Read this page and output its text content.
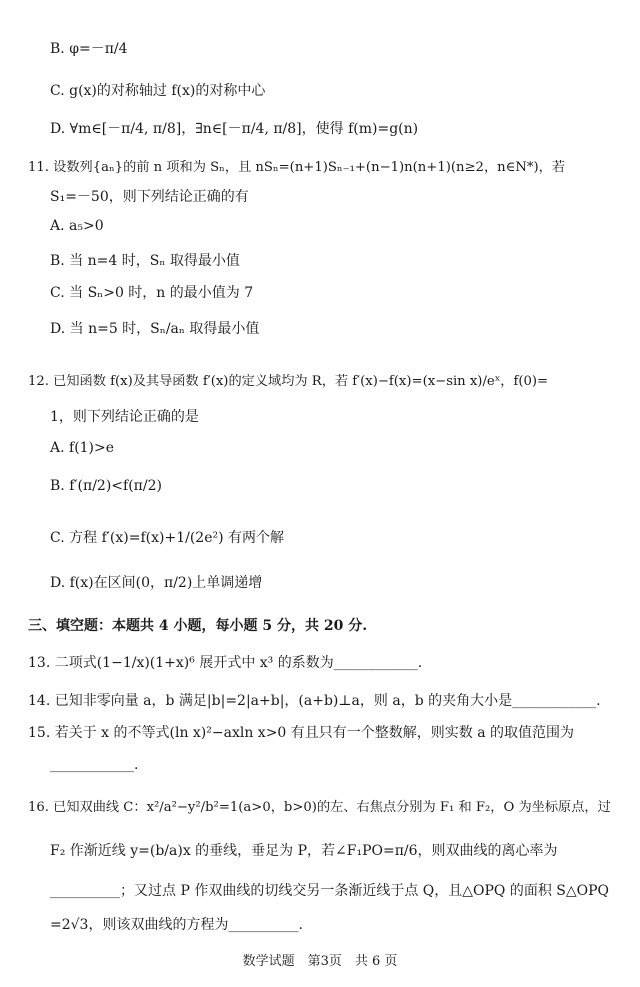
B. φ=－π/4
C. g(x)的对称轴过 f(x)的对称中心
D. ∀m∈[－π/4, π/8]，∃n∈[－π/4, π/8]，使得 f(m)=g(n)
11. 设数列{aₙ}的前 n 项和为 Sₙ，且 nSₙ=(n+1)Sₙ₋₁+(n−1)n(n+1)(n≥2，n∈N*)，若
S₁=－50，则下列结论正确的有
A. a₅>0
B. 当 n=4 时，Sₙ 取得最小值
C. 当 Sₙ>0 时，n 的最小值为 7
D. 当 n=5 时，Sₙ/aₙ 取得最小值
12. 已知函数 f(x)及其导函数 f′(x)的定义域均为 R，若 f′(x)−f(x)=(x−sin x)/eˣ，f(0)=
1，则下列结论正确的是
A. f(1)>e
B. f′(π/2)<f(π/2)
C. 方程 f′(x)=f(x)+1/(2e²) 有两个解
D. f(x)在区间(0，π/2)上单调递增
三、填空题：本题共 4 小题，每小题 5 分，共 20 分.
13. 二项式(1−1/x)(1+x)⁶ 展开式中 x³ 的系数为____________.
14. 已知非零向量 a，b 满足|b|=2|a+b|，(a+b)⊥a，则 a，b 的夹角大小是____________.
15. 若关于 x 的不等式(ln x)²−axln x>0 有且只有一个整数解，则实数 a 的取值范围为
____________.
16. 已知双曲线 C：x²/a²−y²/b²=1(a>0，b>0)的左、右焦点分别为 F₁ 和 F₂，O 为坐标原点，过
F₂ 作渐近线 y=(b/a)x 的垂线，垂足为 P，若∠F₁PO=π/6，则双曲线的离心率为
__________；又过点 P 作双曲线的切线交另一条渐近线于点 Q，且△OPQ 的面积 S△OPQ
=2√3，则该双曲线的方程为__________.
数学试题　第3页　共 6 页
